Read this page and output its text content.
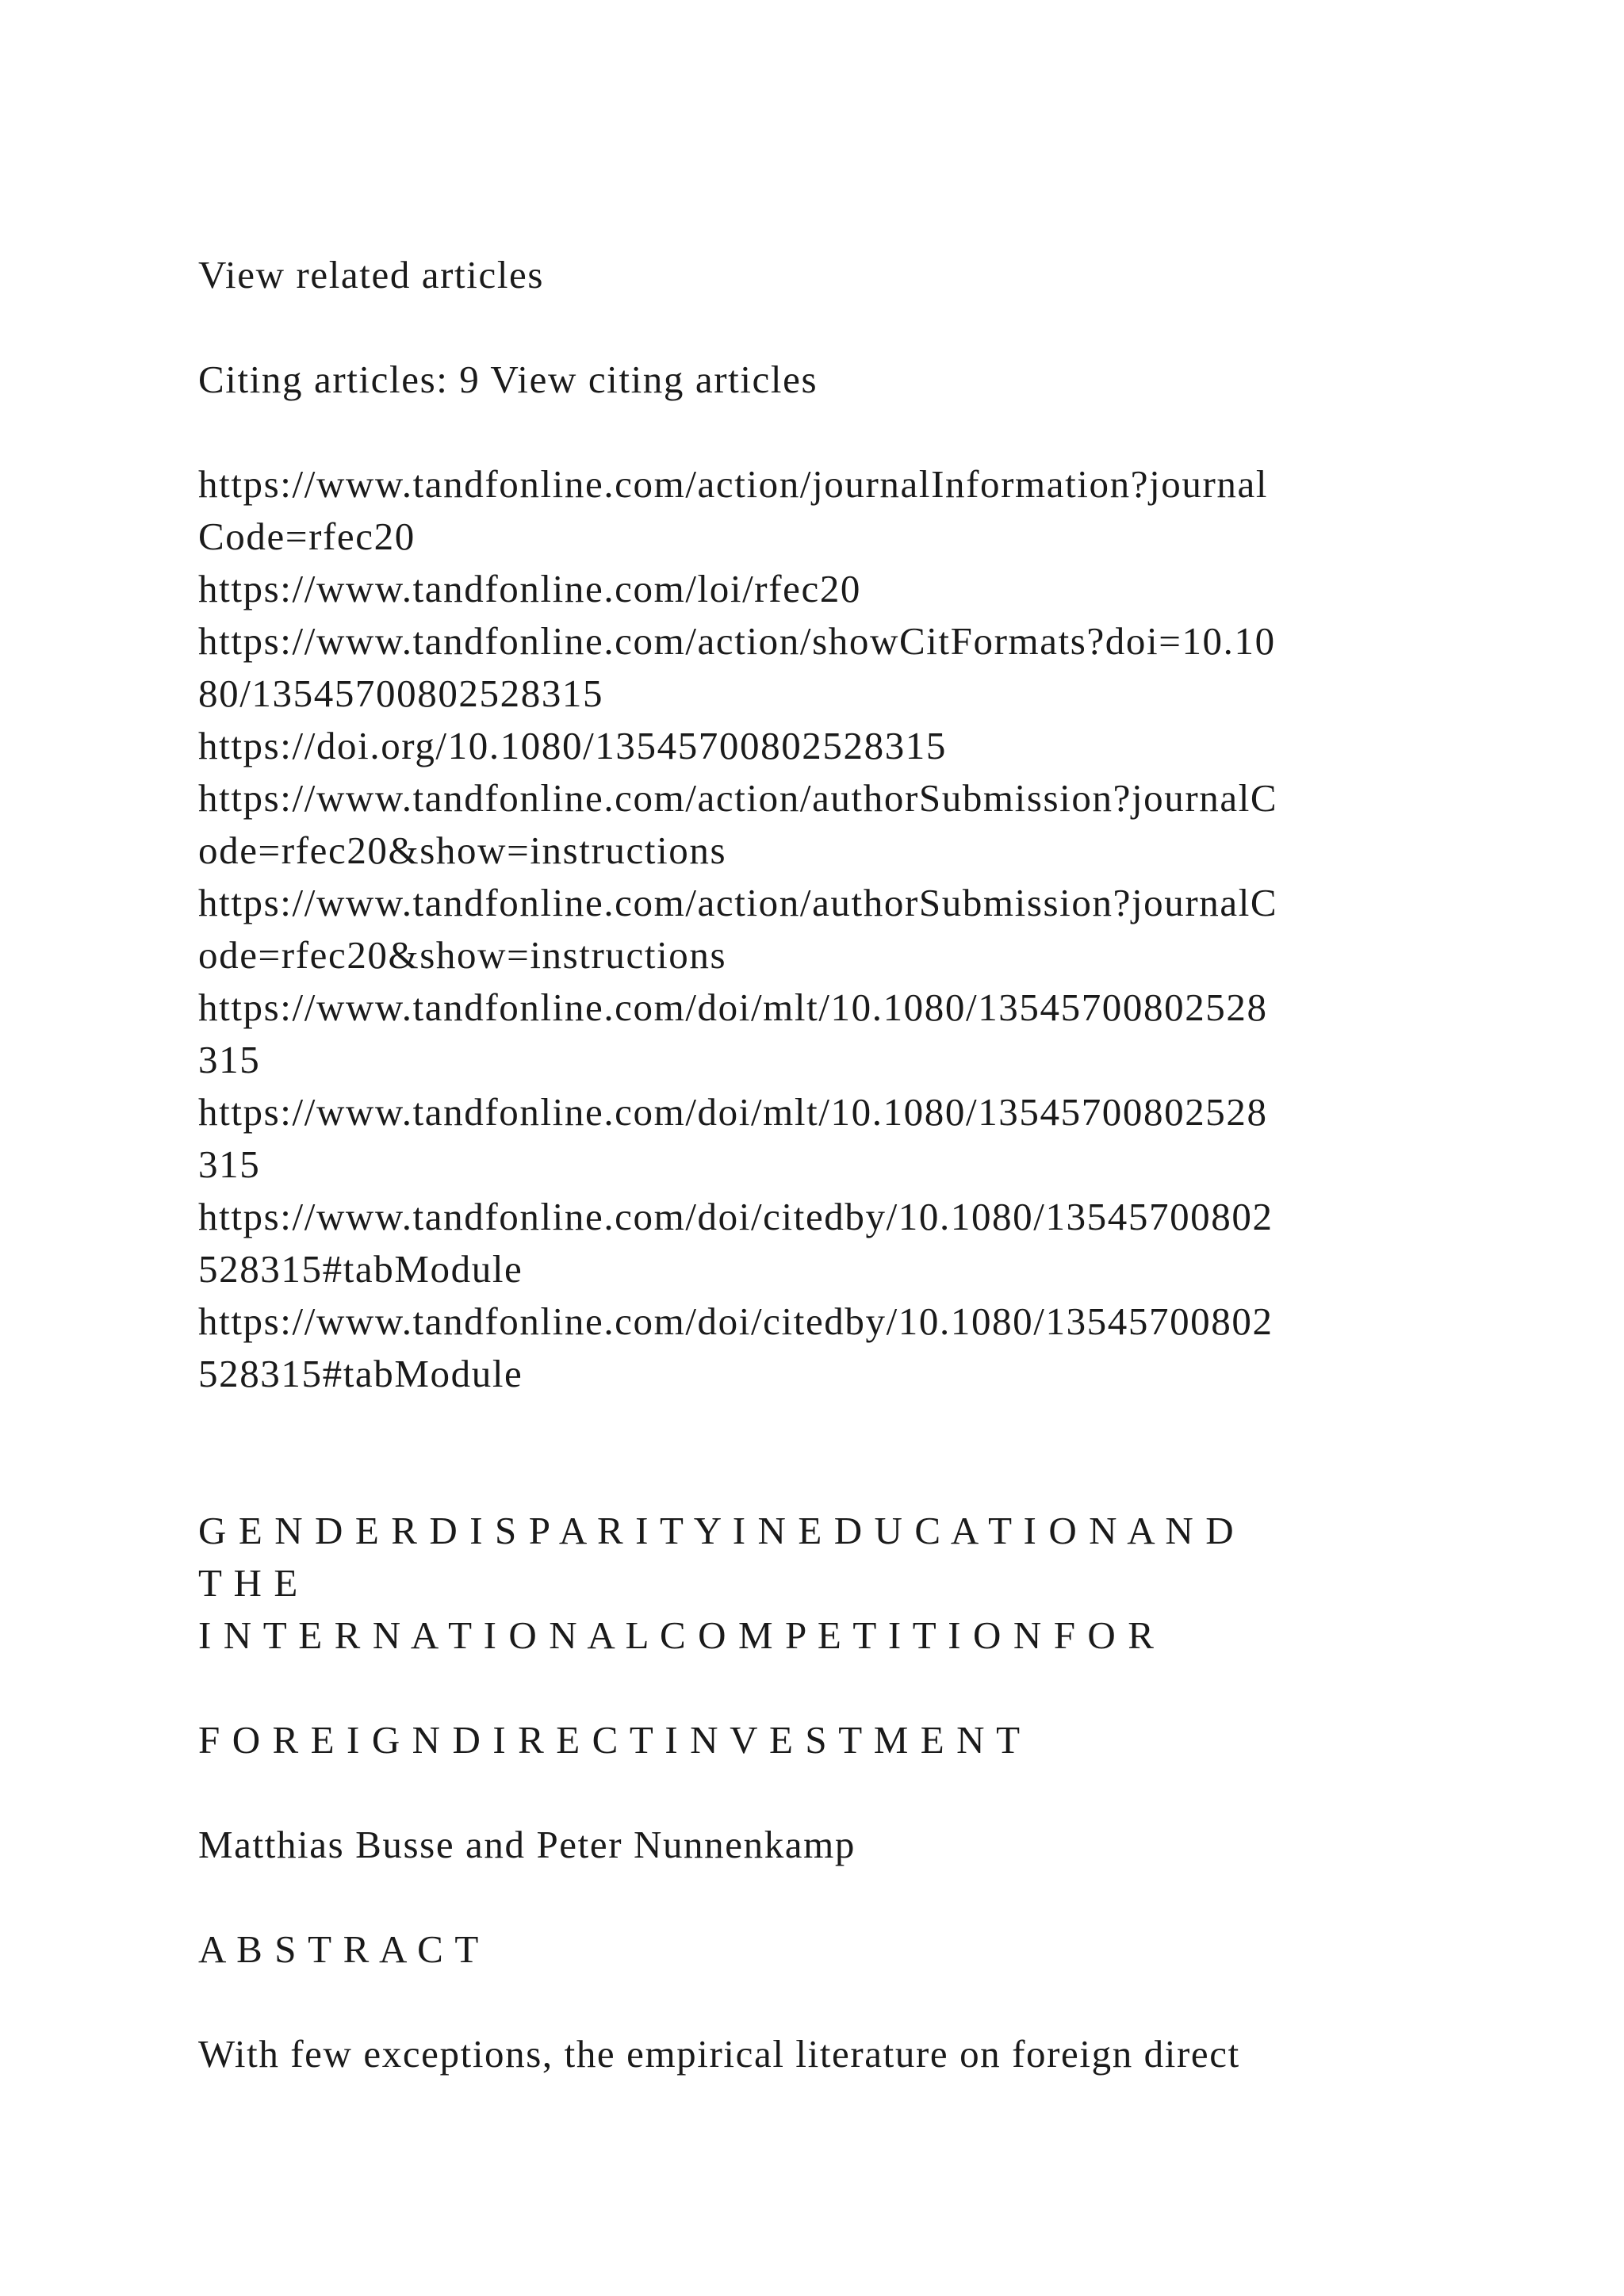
View related articles
Citing articles: 9 View citing articles
https://www.tandfonline.com/action/journalInformation?journal
Code=rfec20
https://www.tandfonline.com/loi/rfec20
https://www.tandfonline.com/action/showCitFormats?doi=10.10
80/13545700802528315
https://doi.org/10.1080/13545700802528315
https://www.tandfonline.com/action/authorSubmission?journalC
ode=rfec20&show=instructions
https://www.tandfonline.com/action/authorSubmission?journalC
ode=rfec20&show=instructions
https://www.tandfonline.com/doi/mlt/10.1080/13545700802528
315
https://www.tandfonline.com/doi/mlt/10.1080/13545700802528
315
https://www.tandfonline.com/doi/citedby/10.1080/13545700802
528315#tabModule
https://www.tandfonline.com/doi/citedby/10.1080/13545700802
528315#tabModule
G E N D E R D I S P A R I T Y I N E D U C A T I O N A N D
T H E
I N T E R N A T I O N A L C O M P E T I T I O N F O R
F O R E I G N D I R E C T I N V E S T M E N T
Matthias Busse and Peter Nunnenkamp
A B S T R A C T
With few exceptions, the empirical literature on foreign direct
